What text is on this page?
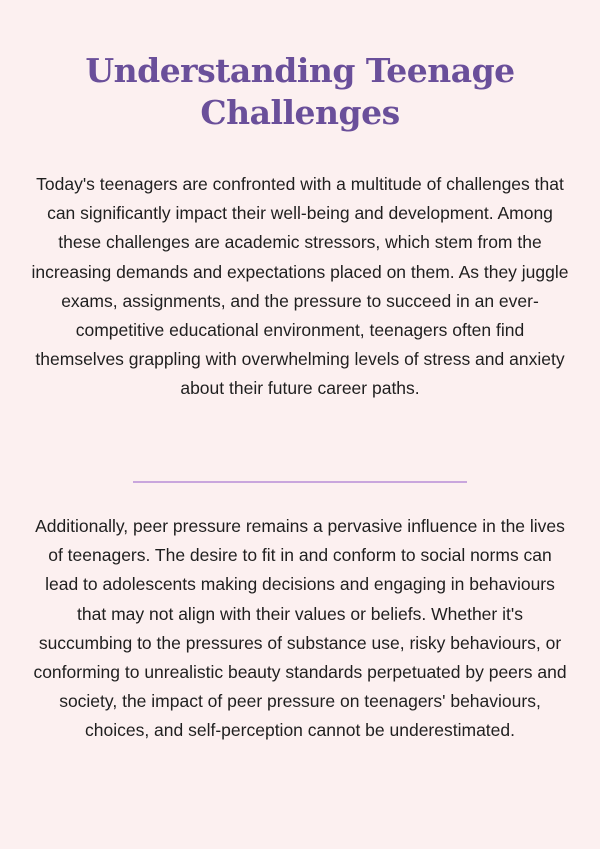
Understanding Teenage Challenges

Today's teenagers are confronted with a multitude of challenges that can significantly impact their well-being and development. Among these challenges are academic stressors, which stem from the increasing demands and expectations placed on them. As they juggle exams, assignments, and the pressure to succeed in an ever-competitive educational environment, teenagers often find themselves grappling with overwhelming levels of stress and anxiety about their future career paths.

Additionally, peer pressure remains a pervasive influence in the lives of teenagers. The desire to fit in and conform to social norms can lead to adolescents making decisions and engaging in behaviours that may not align with their values or beliefs. Whether it's succumbing to the pressures of substance use, risky behaviours, or conforming to unrealistic beauty standards perpetuated by peers and society, the impact of peer pressure on teenagers' behaviours, choices, and self-perception cannot be underestimated.
